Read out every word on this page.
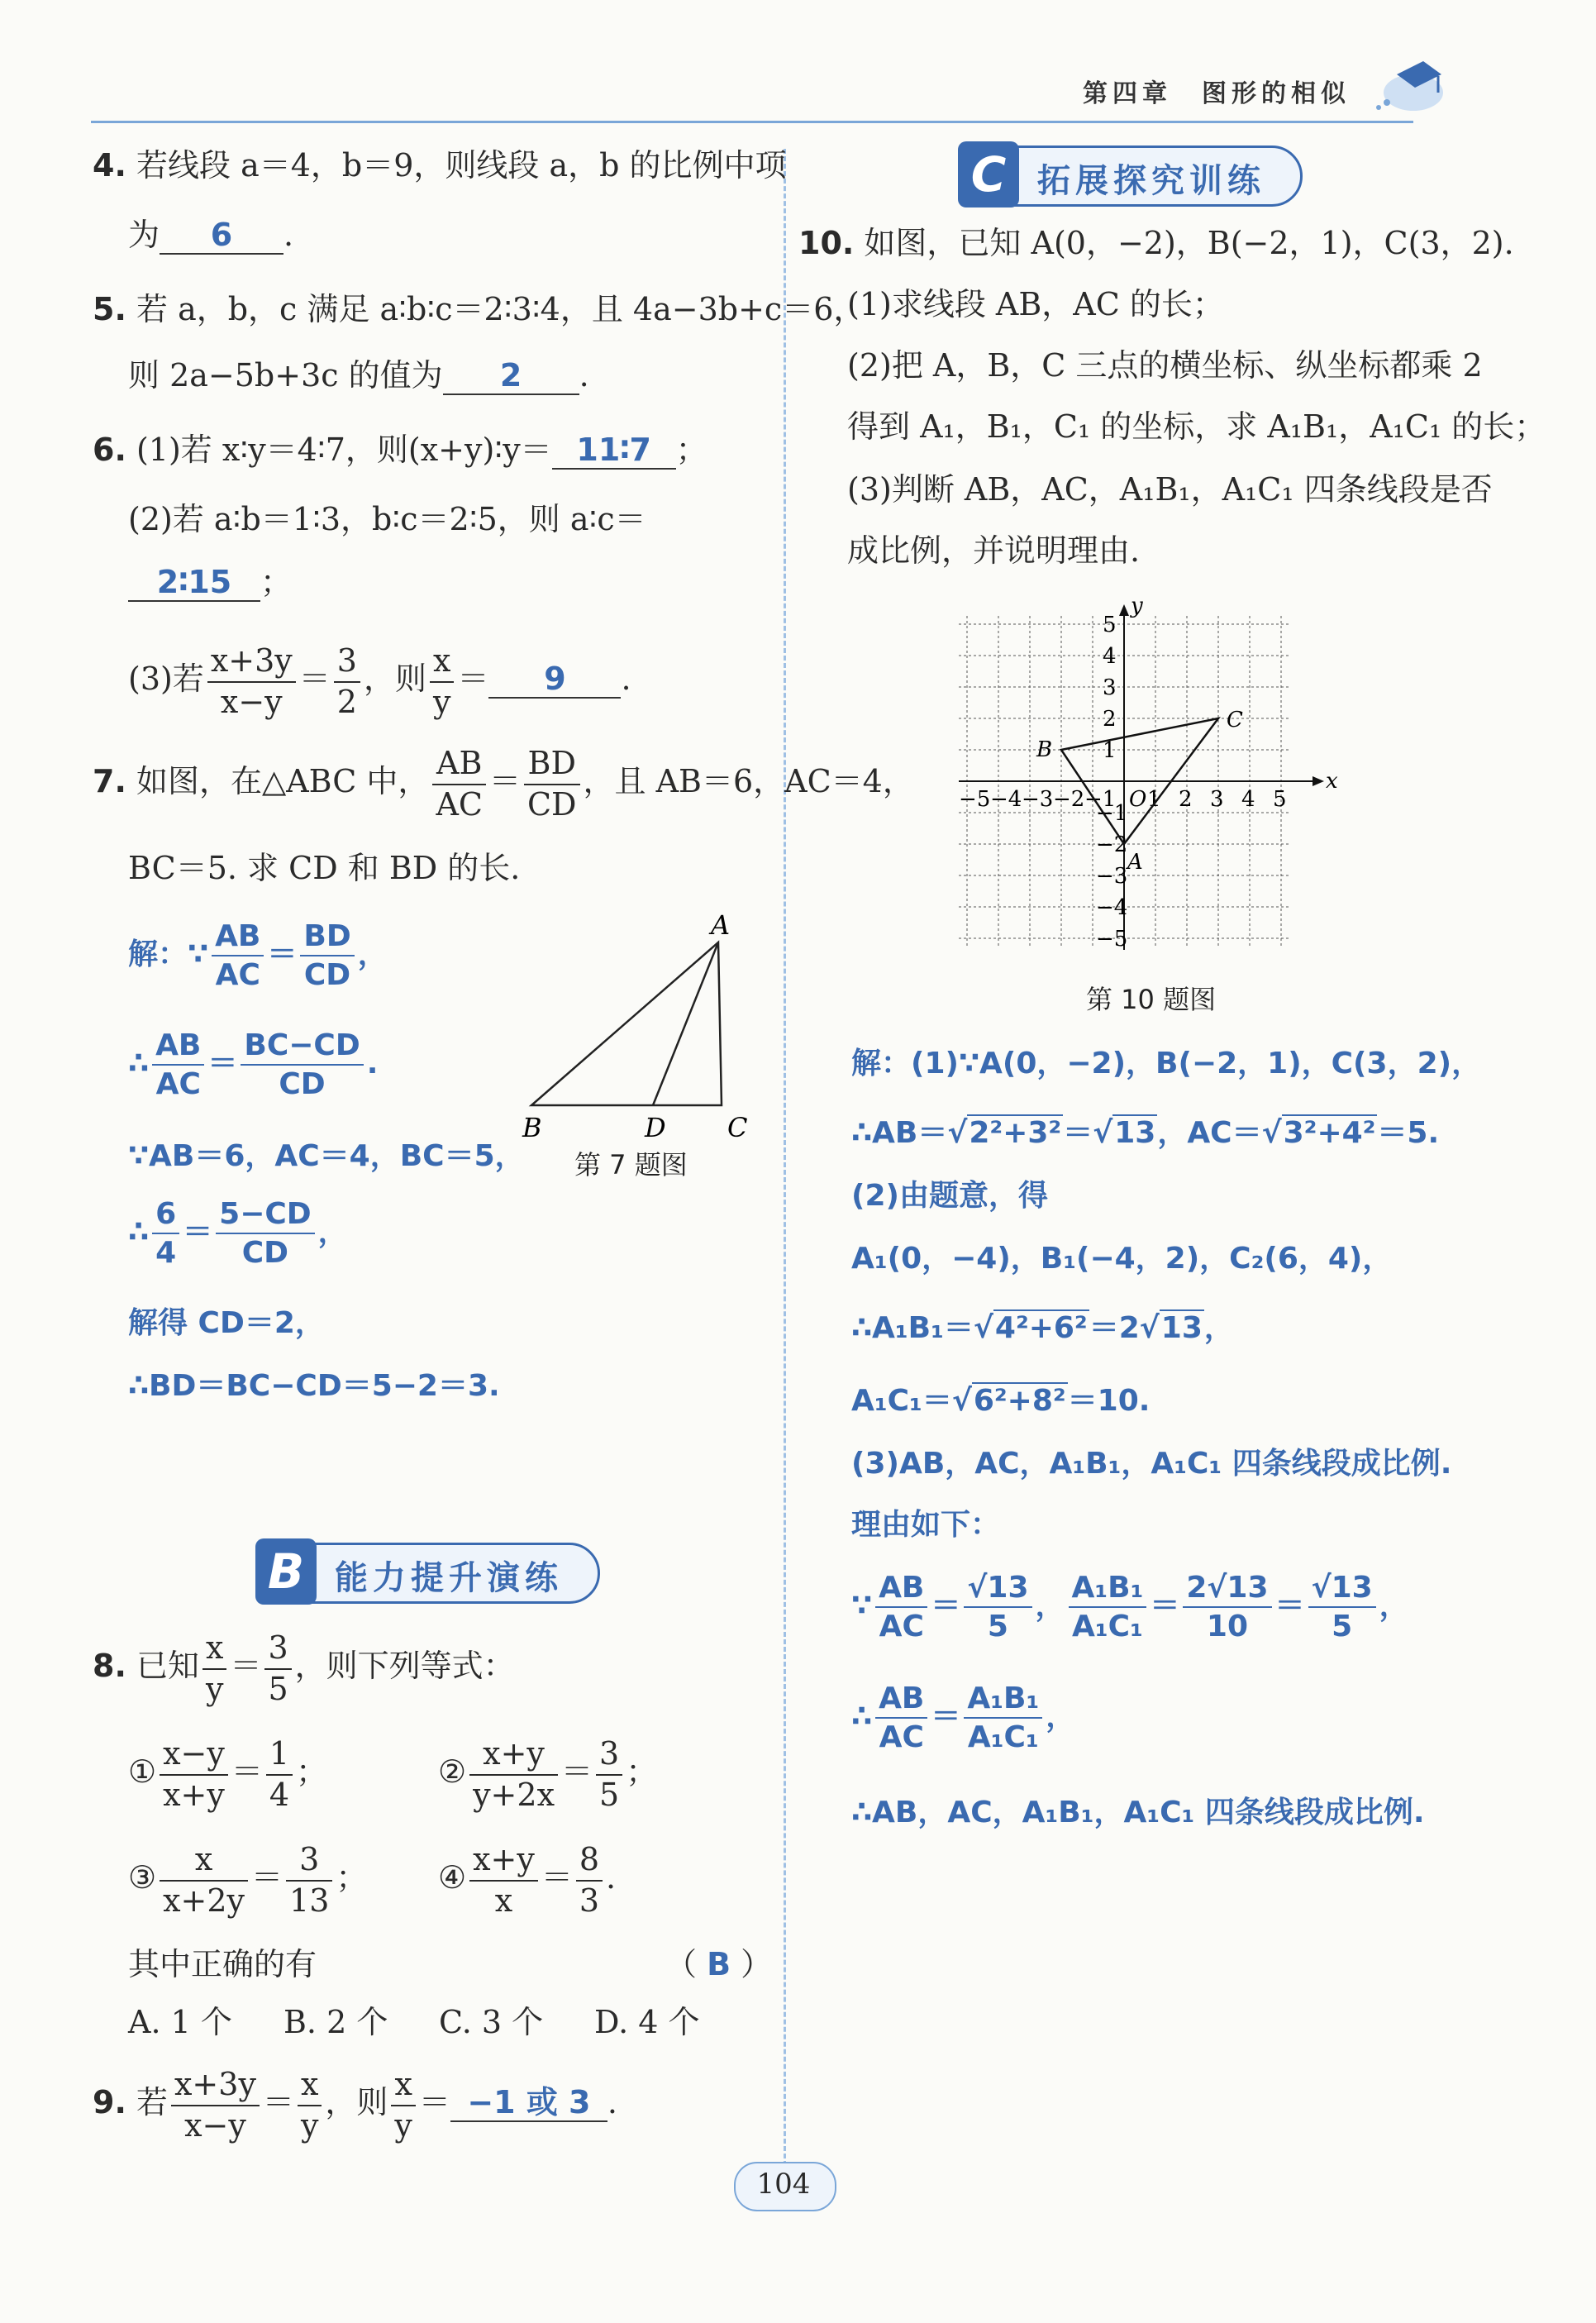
第四章　图形的相似
4. 若线段 a＝4，b＝9，则线段 a，b 的比例中项
为 6 .
5. 若 a，b，c 满足 a∶b∶c＝2∶3∶4，且 4a−3b+c＝6，
则 2a−5b+3c 的值为 2 .
6. (1)若 x∶y＝4∶7，则(x+y)∶y＝ 11∶7 ；
(2)若 a∶b＝1∶3，b∶c＝2∶5，则 a∶c＝
2∶15 ；
(3)若 $\frac{x+3y}{x-y} = \frac{3}{2}$ ，则 $\frac{x}{y} = 9$ .
7. 如图，在△ABC 中， $\frac{AB}{AC} = \frac{BD}{CD}$ ，且 AB＝6，AC＝4，
BC＝5. 求 CD 和 BD 的长.
解：∵ $\frac{AB}{AC} = \frac{BD}{CD}$ ，
∴ $\frac{AB}{AC} = \frac{BC-CD}{CD}$ .
∵AB＝6，AC＝4，BC＝5，
∴ $\frac{6}{4} = \frac{5-CD}{CD}$ ，
解得 CD＝2，
∴BD＝BC−CD＝5−2＝3.
A
B	D C
第 7 题图
B 能力提升演练
8. 已知 $\frac{x}{y} = \frac{3}{5}$ ，则下列等式：
① $\frac{x-y}{x+y} = \frac{1}{4}$ ；	② $\frac{x+y}{y+2x} = \frac{3}{5}$ ；
③ $\frac{x}{x+2y} = \frac{3}{13}$ ； ④ $\frac{x+y}{x} = \frac{8}{3}$ .
其中正确的有	（ B ）
A. 1 个 B. 2 个 C. 3 个 D. 4 个
9. 若 $\frac{x+3y}{x-y} = \frac{x}{y}$ ，则 $\frac{x}{y} = -1$ 或 3 .
C 拓展探究训练
10. 如图，已知 A(0，−2)，B(−2，1)，C(3，2).
(1)求线段 AB，AC 的长；
(2)把 A，B，C 三点的横坐标、纵坐标都乘 2
得到 A₁，B₁，C₁ 的坐标，求 A₁B₁，A₁C₁ 的长；
(3)判断 AB，AC，A₁B₁，A₁C₁ 四条线段是否
成比例，并说明理由.
x
y
O
−5 −4 −3 −2 −1 1 2 3 4 5
5
4
3
2
1
−1
−2
−3
−4
−5
A
B
C
第 10 题图
解：(1)∵A(0，−2)，B(−2，1)，C(3，2)，
∴AB＝√2²+3²＝√13，AC＝√3²+4²＝5.
(2)由题意，得
A₁(0，−4)，B₁(−4，2)，C₂(6，4)，
∴A₁B₁＝√4²+6²＝2√13，
A₁C₁＝√6²+8²＝10.
(3)AB，AC，A₁B₁，A₁C₁ 四条线段成比例.
理由如下：
∵ $\frac{AB}{AC} = \frac{√13}{5}$ ， $\frac{\text{A₁B₁}}{\text{A₁C₁}} = \frac{2√13}{10} = \frac{√13}{5}$ ，
∴ $\frac{AB}{AC} = \frac{\text{A₁B₁}}{\text{A₁C₁}}$ ，
∴AB，AC，A₁B₁，A₁C₁ 四条线段成比例.
104
